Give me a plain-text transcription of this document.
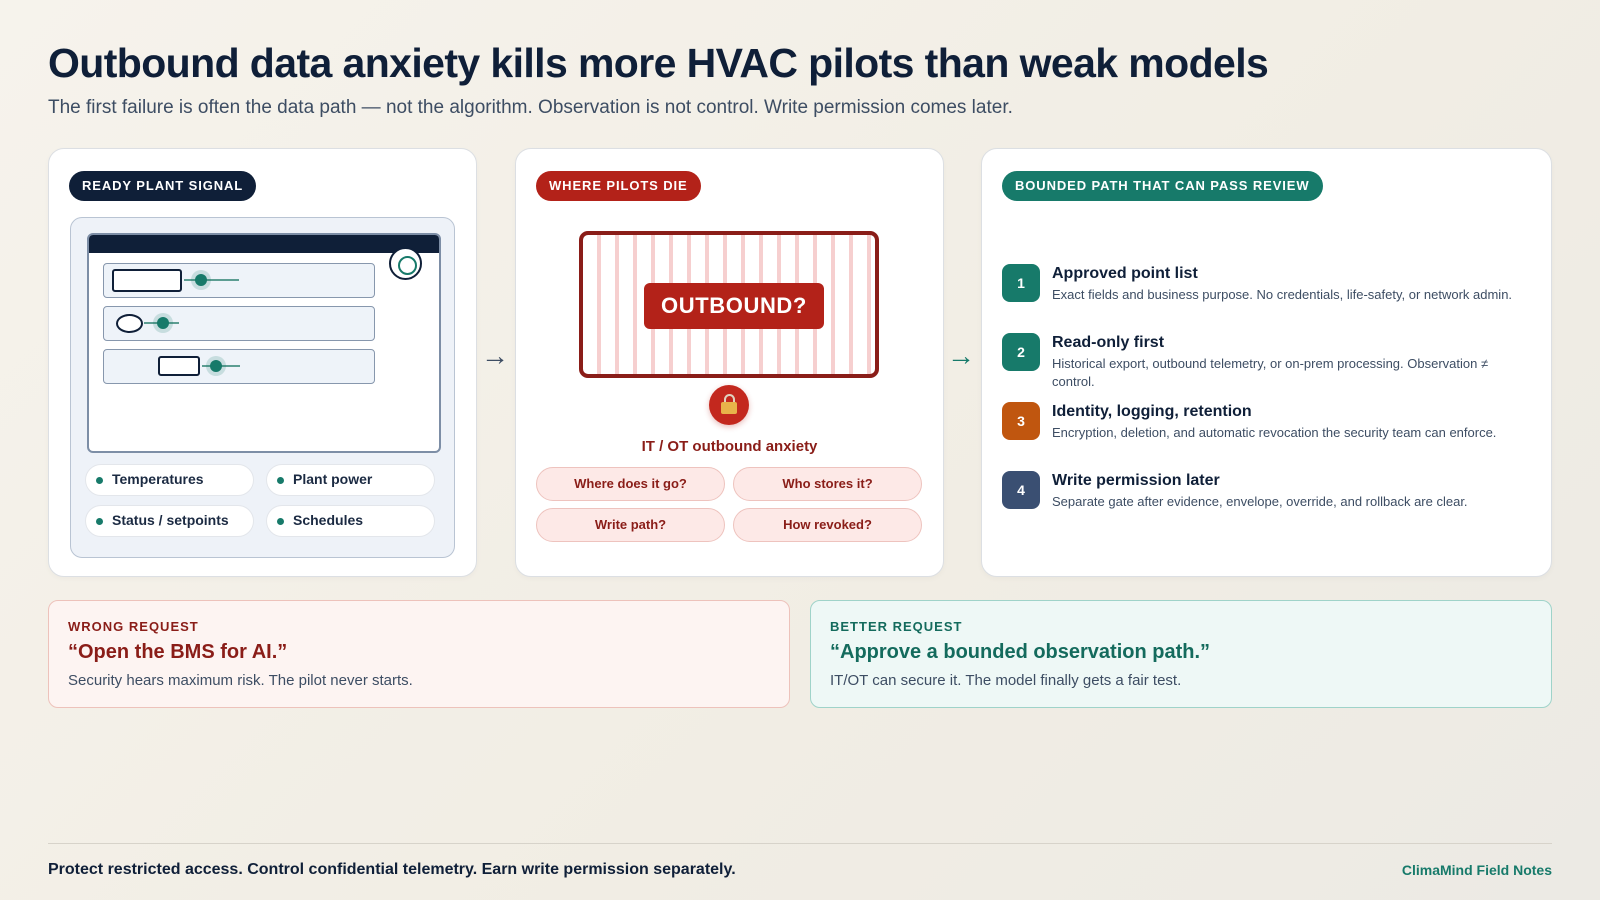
Outbound data anxiety kills more HVAC pilots than weak models
The first failure is often the data path — not the algorithm. Observation is not control. Write permission comes later.
READY PLANT SIGNAL
Temperatures	Plant power
Status / setpoints	Schedules
→
WHERE PILOTS DIE
OUTBOUND?
IT / OT outbound anxiety
Where does it go?	Who stores it?
Write path?	How revoked?
→
BOUNDED PATH THAT CAN PASS REVIEW
1
Approved point list
Exact fields and business purpose. No credentials, life-safety, or network admin.
2
Read-only first
Historical export, outbound telemetry, or on-prem processing. Observation ≠ control.
3
Identity, logging, retention
Encryption, deletion, and automatic revocation the security team can enforce.
4
Write permission later
Separate gate after evidence, envelope, override, and rollback are clear.
WRONG REQUEST
“Open the BMS for AI.”
Security hears maximum risk. The pilot never starts.
BETTER REQUEST
“Approve a bounded observation path.”
IT/OT can secure it. The model finally gets a fair test.
Protect restricted access. Control confidential telemetry. Earn write permission separately.	ClimaMind Field Notes
